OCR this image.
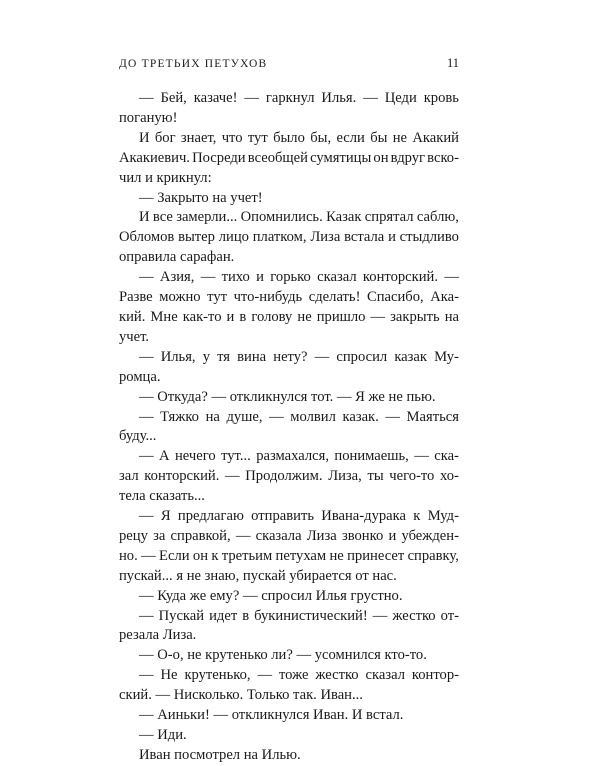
ДО ТРЕТЬИХ ПЕТУХОВ	11
— Бей, казаче! — гаркнул Илья. — Цеди кровь
поганую!
И бог знает, что тут было бы, если бы не Акакий
Акакиевич. Посреди всеобщей сумятицы он вдруг вско-
чил и крикнул:
— Закрыто на учет!
И все замерли... Опомнились. Казак спрятал саблю,
Обломов вытер лицо платком, Лиза встала и стыдливо
оправила сарафан.
— Азия, — тихо и горько сказал конторский. —
Разве можно тут что-нибудь сделать! Спасибо, Ака-
кий. Мне как-то и в голову не пришло — закрыть на
учет.
— Илья, у тя вина нету? — спросил казак Му-
ромца.
— Откуда? — откликнулся тот. — Я же не пью.
— Тяжко на душе, — молвил казак. — Маяться
буду...
— А нечего тут... размахался, понимаешь, — ска-
зал конторский. — Продолжим. Лиза, ты чего-то хо-
тела сказать...
— Я предлагаю отправить Ивана-дурака к Муд-
рецу за справкой, — сказала Лиза звонко и убежден-
но. — Если он к третьим петухам не принесет справку,
пускай... я не знаю, пускай убирается от нас.
— Куда же ему? — спросил Илья грустно.
— Пускай идет в букинистический! — жестко от-
резала Лиза.
— О-о, не крутенько ли? — усомнился кто-то.
— Не крутенько, — тоже жестко сказал контор-
ский. — Нисколько. Только так. Иван...
— Аиньки! — откликнулся Иван. И встал.
— Иди.
Иван посмотрел на Илью.
